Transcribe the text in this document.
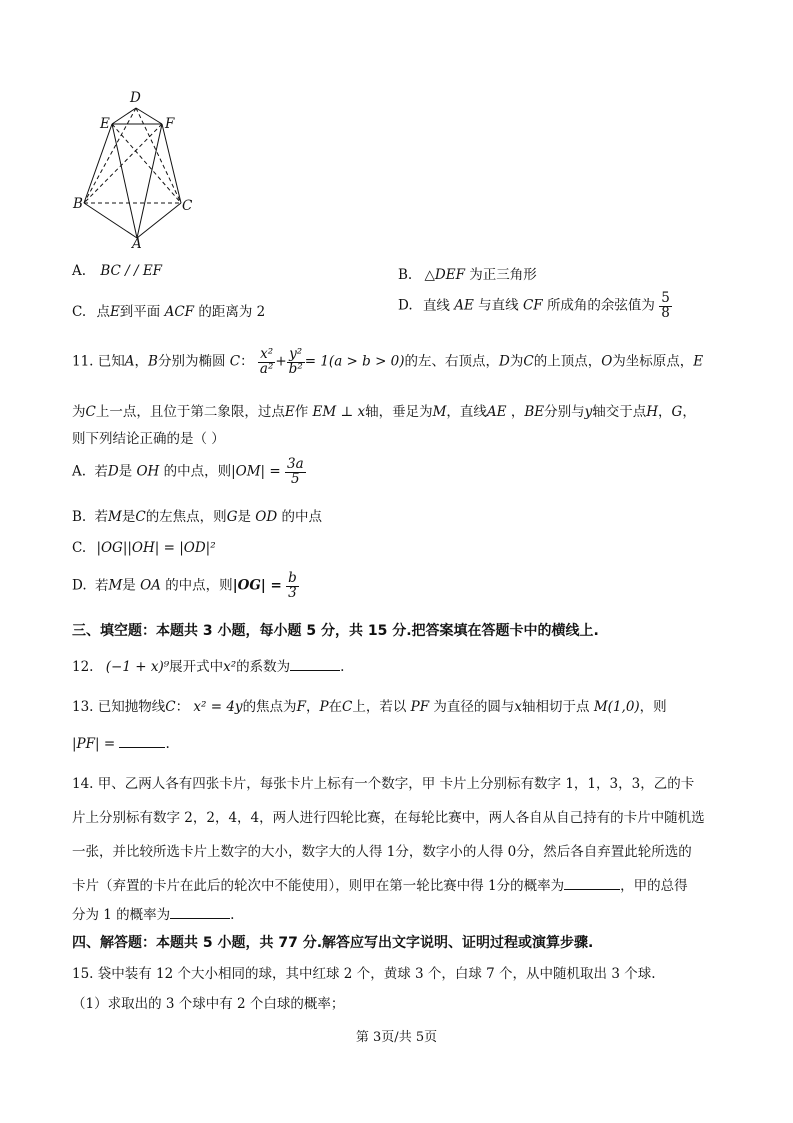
D
E	F
B	C
A
A. BC / / EF	B. △DEF 为正三角形
C. 点E到平面 ACF 的距离为 2	D. 直线 AE 与直线 CF 所成角的余弦值为 $\frac{5}{8}$
11. 已知A，B分别为椭圆 C： $\frac{\text{x²}}{\text{a²}} + \frac{\text{y²}}{\text{b²}} = 1(a > b > 0)$的左、右顶点，D为C的上顶点，O为坐标原点，E
为C上一点，且位于第二象限，过点E作 EM ⊥ x轴，垂足为M，直线AE ，BE分别与y轴交于点H，G，
则下列结论正确的是（ ）
A. 若D是 OH 的中点，则$|OM| = \frac{3a}{5}$
B. 若M是C的左焦点，则G是 OD 的中点
C. |OG||OH| = |OD|²
D. 若M是 OA 的中点，则$|OG| = \frac{b}{3}$
三、填空题：本题共 3 小题，每小题 5 分，共 15 分.把答案填在答题卡中的横线上.
12. (−1 + x)⁹展开式中x²的系数为	.
13. 已知抛物线C： x² = 4y的焦点为F，P在C上，若以 PF 为直径的圆与x轴相切于点 M(1,0)，则
|PF| =	.
14. 甲、乙两人各有四张卡片，每张卡片上标有一个数字，甲 卡片上分别标有数字 1，1，3，3，乙的卡
片上分别标有数字 2，2，4，4，两人进行四轮比赛，在每轮比赛中，两人各自从自己持有的卡片中随机选
一张，并比较所选卡片上数字的大小，数字大的人得 1分，数字小的人得 0分，然后各自弃置此轮所选的
卡片（弃置的卡片在此后的轮次中不能使用），则甲在第一轮比赛中得 1分的概率为	，甲的总得
分为 1 的概率为	.
四、解答题：本题共 5 小题，共 77 分.解答应写出文字说明、证明过程或演算步骤.
15. 袋中装有 12 个大小相同的球，其中红球 2 个，黄球 3 个，白球 7 个，从中随机取出 3 个球.
（1）求取出的 3 个球中有 2 个白球的概率；
第 3页/共 5页
